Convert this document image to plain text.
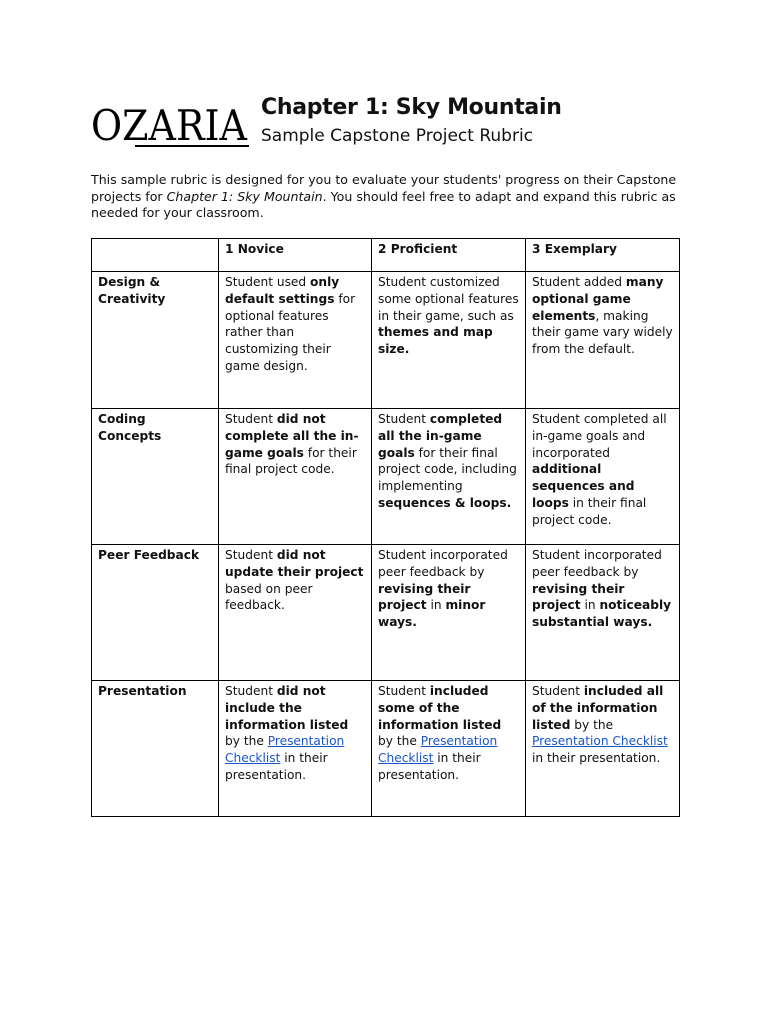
OZARIA Chapter 1: Sky Mountain
Sample Capstone Project Rubric
This sample rubric is designed for you to evaluate your students' progress on their Capstone projects for Chapter 1: Sky Mountain. You should feel free to adapt and expand this rubric as needed for your classroom.
	1 Novice	2 Proficient	3 Exemplary
Design & Creativity	Student used only default settings for optional features rather than customizing their game design.	Student customized some optional features in their game, such as themes and map size.	Student added many optional game elements, making their game vary widely from the default.
Coding Concepts	Student did not complete all the in-game goals for their final project code.	Student completed all the in-game goals for their final project code, including implementing sequences & loops.	Student completed all in-game goals and incorporated additional sequences and loops in their final project code.
Peer Feedback	Student did not update their project based on peer feedback.	Student incorporated peer feedback by revising their project in minor ways.	Student incorporated peer feedback by revising their project in noticeably substantial ways.
Presentation	Student did not include the information listed by the Presentation Checklist in their presentation.	Student included some of the information listed by the Presentation Checklist in their presentation.	Student included all of the information listed by the Presentation Checklist in their presentation.
